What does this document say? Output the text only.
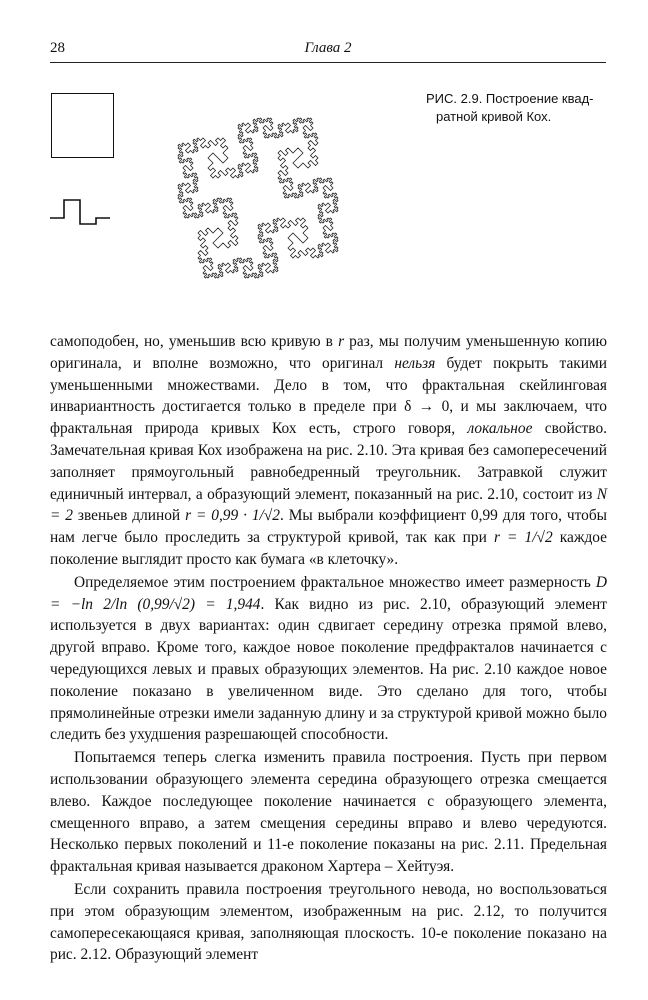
28	Глава 2
РИС. 2.9. Построение квад-
ратной кривой Кох.

самоподобен, но, уменьшив всю кривую в r раз, мы получим уменьшенную копию оригинала, и вполне возможно, что оригинал нельзя будет покрыть такими уменьшенными множествами. Дело в том, что фрактальная скейлинговая инвариантность достигается только в пределе при δ → 0, и мы заключаем, что фрактальная природа кривых Кох есть, строго говоря, локальное свойство. Замечательная кривая Кох изображена на рис. 2.10. Эта кривая без самопересечений заполняет прямоугольный равнобедренный треугольник. Затравкой служит единичный интервал, а образующий элемент, показанный на рис. 2.10, состоит из N = 2 звеньев длиной r = 0,99 · 1/√2. Мы выбрали коэффициент 0,99 для того, чтобы нам легче было проследить за структурой кривой, так как при r = 1/√2 каждое поколение выглядит просто как бумага «в клеточку».

Определяемое этим построением фрактальное множество имеет размерность D = −ln 2/ln (0,99/√2) = 1,944. Как видно из рис. 2.10, образующий элемент используется в двух вариантах: один сдвигает середину отрезка прямой влево, другой вправо. Кроме того, каждое новое поколение предфракталов начинается с чередующихся левых и правых образующих элементов. На рис. 2.10 каждое новое поколение показано в увеличенном виде. Это сделано для того, чтобы прямолинейные отрезки имели заданную длину и за структурой кривой можно было следить без ухудшения разрешающей способности.

Попытаемся теперь слегка изменить правила построения. Пусть при первом использовании образующего элемента середина образующего отрезка смещается влево. Каждое последующее поколение начинается с образующего элемента, смещенного вправо, а затем смещения середины вправо и влево чередуются. Несколько первых поколений и 11-е поколение показаны на рис. 2.11. Предельная фрактальная кривая называется драконом Хартера – Хейтуэя.

Если сохранить правила построения треугольного невода, но воспользоваться при этом образующим элементом, изображенным на рис. 2.12, то получится самопересекающаяся кривая, заполняющая плоскость. 10-е поколение показано на рис. 2.12. Образующий элемент
